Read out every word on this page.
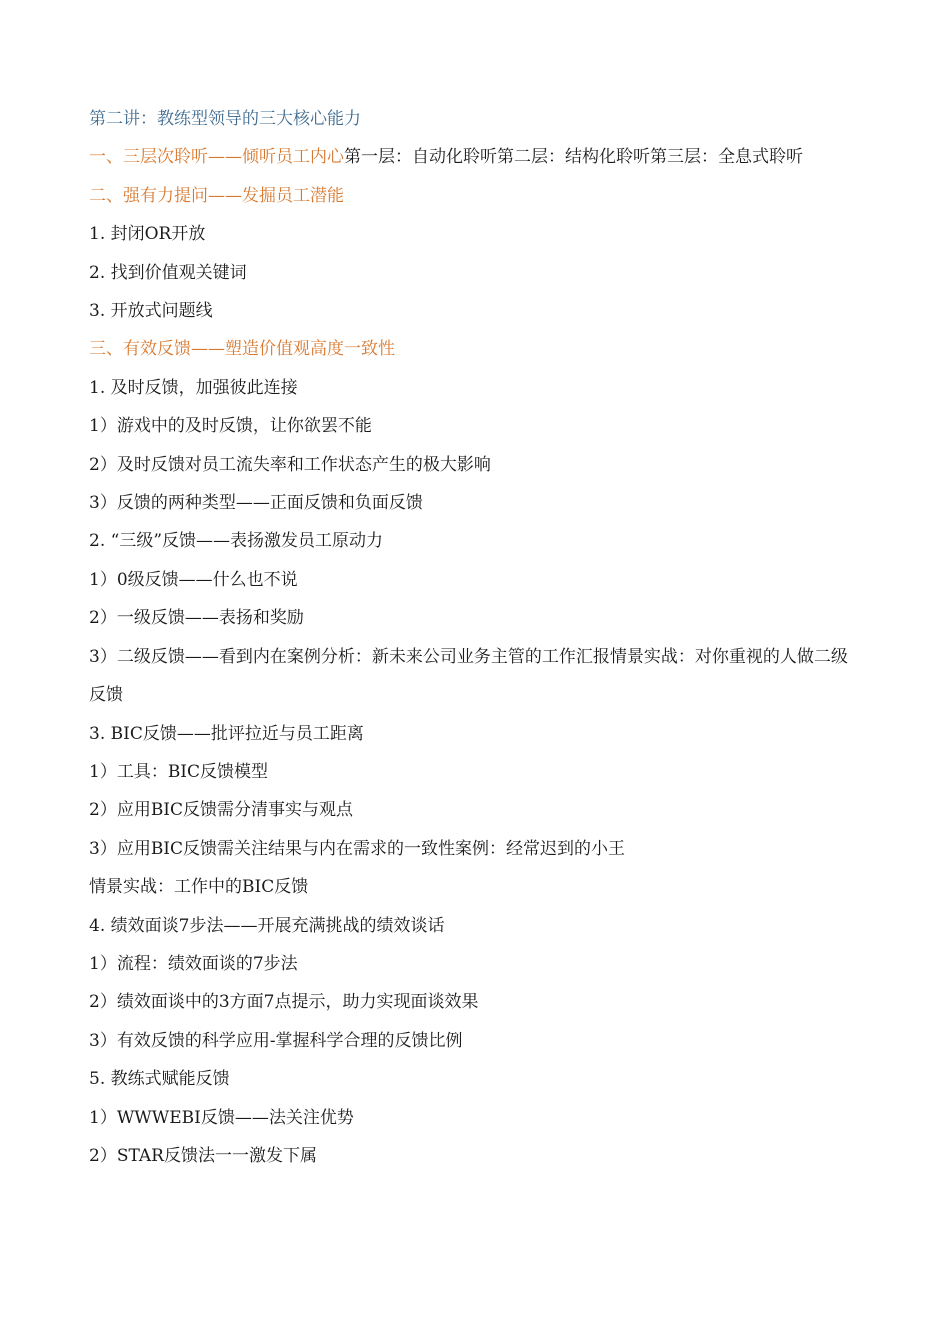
第二讲：教练型领导的三大核心能力
一、三层次聆听——倾听员工内心第一层：自动化聆听第二层：结构化聆听第三层：全息式聆听
二、强有力提问——发掘员工潜能
1. 封闭OR开放
2. 找到价值观关键词
3. 开放式问题线
三、有效反馈——塑造价值观高度一致性
1. 及时反馈，加强彼此连接
1）游戏中的及时反馈，让你欲罢不能
2）及时反馈对员工流失率和工作状态产生的极大影响
3）反馈的两种类型——正面反馈和负面反馈
2. “三级”反馈——表扬激发员工原动力
1）0级反馈——什么也不说
2）一级反馈——表扬和奖励
3）二级反馈——看到内在案例分析：新未来公司业务主管的工作汇报情景实战：对你重视的人做二级反馈
3. BIC反馈——批评拉近与员工距离
1）工具：BIC反馈模型
2）应用BIC反馈需分清事实与观点
3）应用BIC反馈需关注结果与内在需求的一致性案例：经常迟到的小王
情景实战：工作中的BIC反馈
4. 绩效面谈7步法——开展充满挑战的绩效谈话
1）流程：绩效面谈的7步法
2）绩效面谈中的3方面7点提示，助力实现面谈效果
3）有效反馈的科学应用-掌握科学合理的反馈比例
5. 教练式赋能反馈
1）WWWEBI反馈——法关注优势
2）STAR反馈法一一激发下属
